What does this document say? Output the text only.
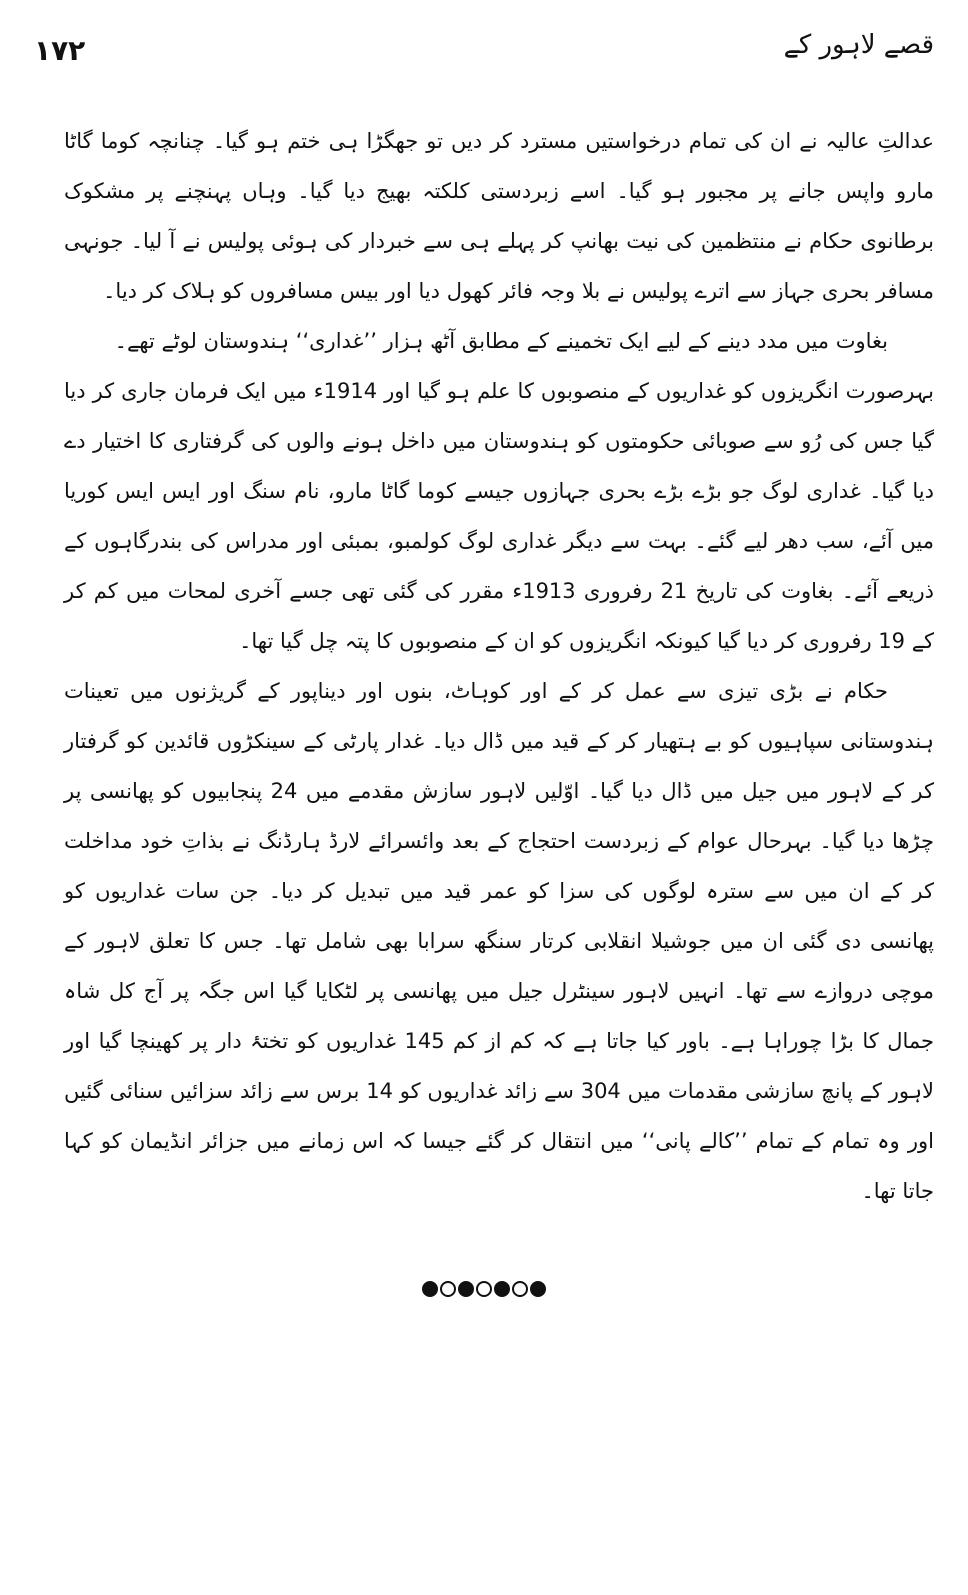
۱۷۲	قصے لاہور کے

عدالتِ عالیہ نے ان کی تمام درخواستیں مسترد کر دیں تو جھگڑا ہی ختم ہو گیا۔ چنانچہ کوما گاٹا مارو واپس جانے پر مجبور ہو گیا۔ اسے زبردستی کلکتہ بھیج دیا گیا۔ وہاں پہنچنے پر مشکوک برطانوی حکام نے منتظمین کی نیت بھانپ کر پہلے ہی سے خبردار کی ہوئی پولیس نے آ لیا۔ جونہی مسافر بحری جہاز سے اترے پولیس نے بلا وجہ فائر کھول دیا اور بیس مسافروں کو ہلاک کر دیا۔

بغاوت میں مدد دینے کے لیے ایک تخمینے کے مطابق آٹھ ہزار ’’غداری‘‘ ہندوستان لوٹے تھے۔

بہرصورت انگریزوں کو غداریوں کے منصوبوں کا علم ہو گیا اور 1914ء میں ایک فرمان جاری کر دیا گیا جس کی رُو سے صوبائی حکومتوں کو ہندوستان میں داخل ہونے والوں کی گرفتاری کا اختیار دے دیا گیا۔ غداری لوگ جو بڑے بڑے بحری جہازوں جیسے کوما گاٹا مارو، نام سنگ اور ایس ایس کوریا میں آئے، سب دھر لیے گئے۔ بہت سے دیگر غداری لوگ کولمبو، بمبئی اور مدراس کی بندرگاہوں کے ذریعے آئے۔ بغاوت کی تاریخ 21 رفروری 1913ء مقرر کی گئی تھی جسے آخری لمحات میں کم کر کے 19 رفروری کر دیا گیا کیونکہ انگریزوں کو ان کے منصوبوں کا پتہ چل گیا تھا۔

حکام نے بڑی تیزی سے عمل کر کے اور کوہاٹ، بنوں اور دیناپور کے گریژنوں میں تعینات ہندوستانی سپاہیوں کو بے ہتھیار کر کے قید میں ڈال دیا۔ غدار پارٹی کے سینکڑوں قائدین کو گرفتار کر کے لاہور میں جیل میں ڈال دیا گیا۔ اوّلیں لاہور سازش مقدمے میں 24 پنجابیوں کو پھانسی پر چڑھا دیا گیا۔ بہرحال عوام کے زبردست احتجاج کے بعد وائسرائے لارڈ ہارڈنگ نے بذاتِ خود مداخلت کر کے ان میں سے سترہ لوگوں کی سزا کو عمر قید میں تبدیل کر دیا۔ جن سات غداریوں کو پھانسی دی گئی ان میں جوشیلا انقلابی کرتار سنگھ سرابا بھی شامل تھا۔ جس کا تعلق لاہور کے موچی دروازے سے تھا۔ انہیں لاہور سینٹرل جیل میں پھانسی پر لٹکایا گیا اس جگہ پر آج کل شاہ جمال کا بڑا چوراہا ہے۔ باور کیا جاتا ہے کہ کم از کم 145 غداریوں کو تختۂ دار پر کھینچا گیا اور لاہور کے پانچ سازشی مقدمات میں 304 سے زائد غداریوں کو 14 برس سے زائد سزائیں سنائی گئیں اور وہ تمام کے تمام ’’کالے پانی‘‘ میں انتقال کر گئے جیسا کہ اس زمانے میں جزائر انڈیمان کو کہا جاتا تھا۔
